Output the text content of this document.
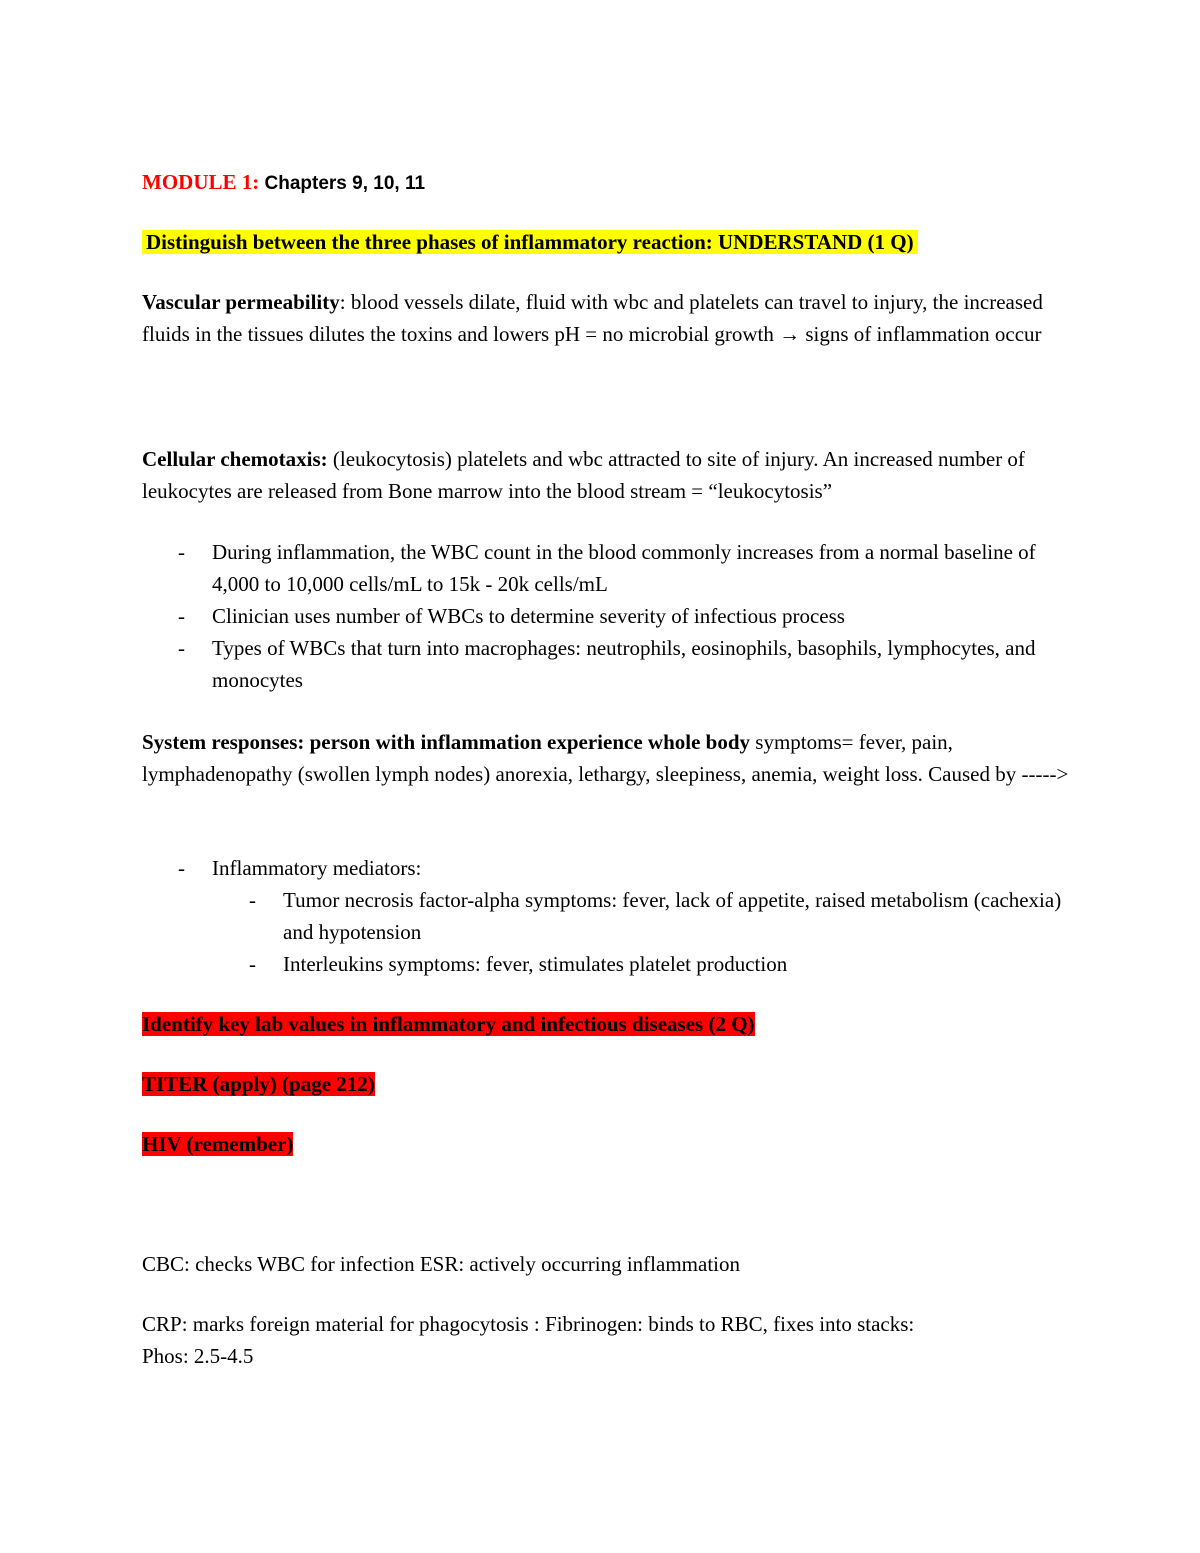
MODULE 1: Chapters 9, 10, 11

Distinguish between the three phases of inflammatory reaction: UNDERSTAND (1 Q)

Vascular permeability: blood vessels dilate, fluid with wbc and platelets can travel to injury, the increased fluids in the tissues dilutes the toxins and lowers pH = no microbial growth → signs of inflammation occur

Cellular chemotaxis: (leukocytosis) platelets and wbc attracted to site of injury. An increased number of leukocytes are released from Bone marrow into the blood stream = “leukocytosis”

- During inflammation, the WBC count in the blood commonly increases from a normal baseline of 4,000 to 10,000 cells/mL to 15k - 20k cells/mL
- Clinician uses number of WBCs to determine severity of infectious process
- Types of WBCs that turn into macrophages: neutrophils, eosinophils, basophils, lymphocytes, and monocytes

System responses: person with inflammation experience whole body symptoms= fever, pain, lymphadenopathy (swollen lymph nodes) anorexia, lethargy, sleepiness, anemia, weight loss. Caused by ----->

- Inflammatory mediators:
- Tumor necrosis factor-alpha symptoms: fever, lack of appetite, raised metabolism (cachexia) and hypotension
- Interleukins symptoms: fever, stimulates platelet production

Identify key lab values in inflammatory and infectious diseases (2 Q)

TITER (apply) (page 212)

HIV (remember)

CBC: checks WBC for infection ESR: actively occurring inflammation

CRP: marks foreign material for phagocytosis : Fibrinogen: binds to RBC, fixes into stacks:

Phos: 2.5-4.5
